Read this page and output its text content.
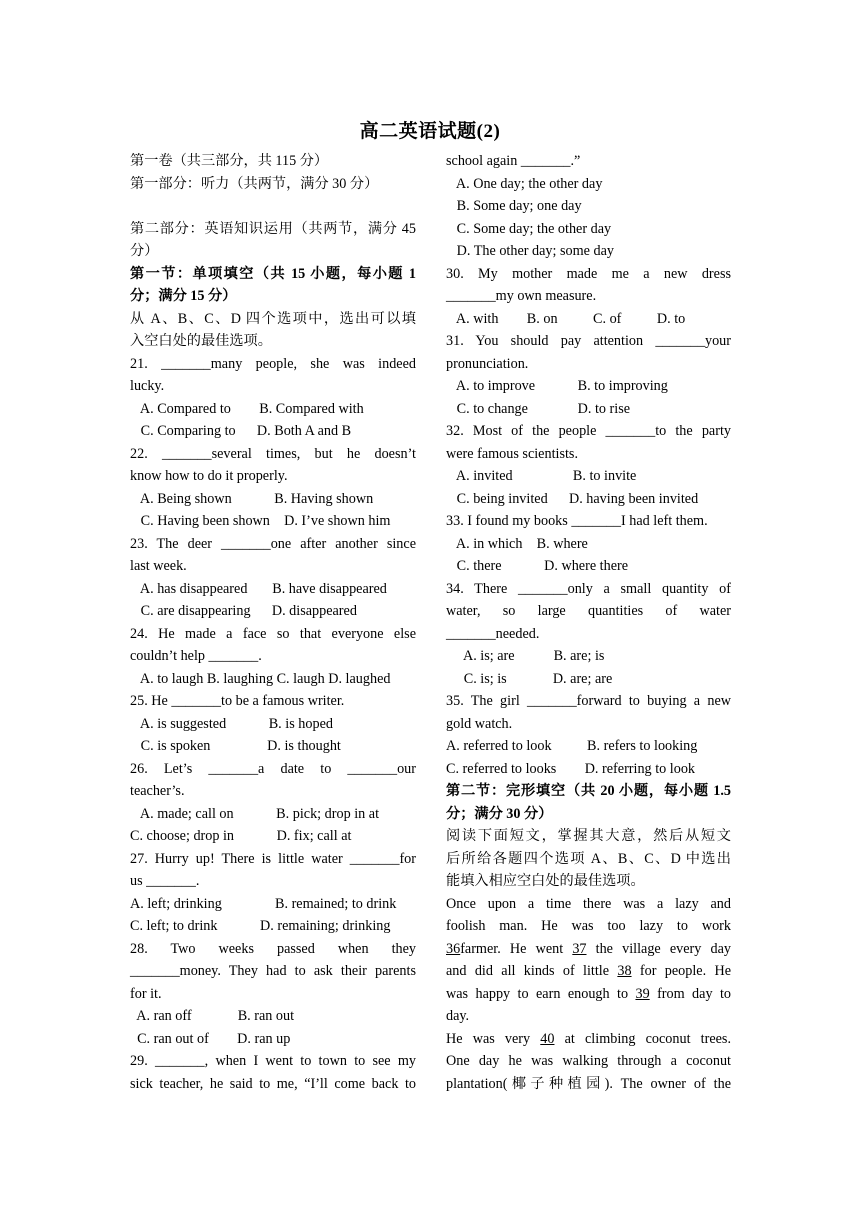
高二英语试题(2)
第一卷（共三部分，共 115 分）
第一部分：听力（共两节，满分 30 分）
第二部分：英语知识运用（共两节，满分 45
分）
第一节：单项填空（共 15 小题，每小题 1
分；满分 15 分）
从 A、B、C、D 四个选项中，选出可以填
入空白处的最佳选项。
21. _______many people, she was indeed
lucky.
A. Compared to        B. Compared with
C. Comparing to      D. Both A and B
22. _______several times, but he doesn’t
know how to do it properly.
A. Being shown            B. Having shown
C. Having been shown    D. I’ve shown him
23. The deer _______one after another since
last week.
A. has disappeared       B. have disappeared
C. are disappearing      D. disappeared
24. He made a face so that everyone else
couldn’t help _______.
A. to laugh B. laughing C. laugh D. laughed
25. He _______to be a famous writer.
A. is suggested            B. is hoped
C. is spoken                D. is thought
26. Let’s _______a date to _______our
teacher’s.
A. made; call on            B. pick; drop in at
C. choose; drop in            D. fix; call at
27. Hurry up! There is little water _______for
us _______.
A. left; drinking               B. remained; to drink
C. left; to drink            D. remaining; drinking
28. Two weeks passed when they
_______money. They had to ask their parents
for it.
A. ran off             B. ran out
C. ran out of        D. ran up
29. _______, when I went to town to see my
sick teacher, he said to me, “I’ll come back to
school again _______.”
A. One day; the other day
B. Some day; one day
C. Some day; the other day
D. The other day; some day
30. My mother made me a new dress
_______my own measure.
A. with        B. on          C. of          D. to
31. You should pay attention _______your
pronunciation.
A. to improve            B. to improving
C. to change              D. to rise
32. Most of the people _______to the party
were famous scientists.
A. invited                 B. to invite
C. being invited      D. having been invited
33. I found my books _______I had left them.
A. in which    B. where
C. there            D. where there
34. There _______only a small quantity of
water, so large quantities of water
_______needed.
A. is; are           B. are; is
C. is; is             D. are; are
35. The girl _______forward to buying a new
gold watch.
A. referred to look          B. refers to looking
C. referred to looks        D. referring to look
第二节：完形填空（共 20 小题，每小题 1.5
分；满分 30 分）
阅读下面短文，掌握其大意，然后从短文
后所给各题四个选项 A、B、C、D 中选出
能填入相应空白处的最佳选项。
Once upon a time there was a lazy and
foolish man. He was too lazy to work
36farmer. He went 37 the village every day
and did all kinds of little 38 for people. He
was happy to earn enough to 39 from day to
day.
He was very 40 at climbing coconut trees.
One day he was walking through a coconut
plantation(椰子种植园). The owner of the
